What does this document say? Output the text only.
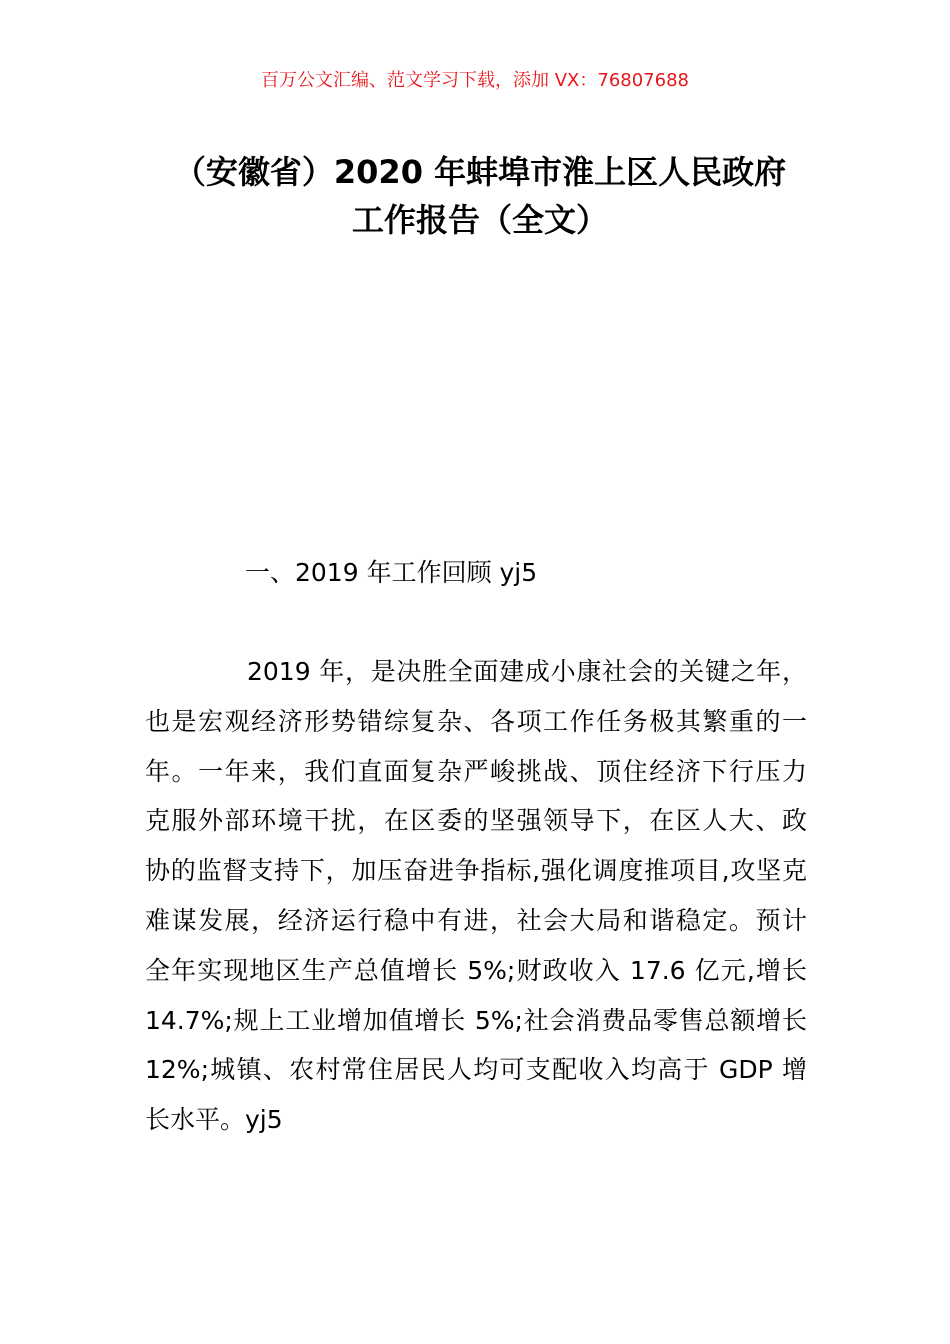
百万公文汇编、范文学习下载，添加 VX：76807688
（安徽省）2020 年蚌埠市淮上区人民政府
工作报告（全文）
一、2019 年工作回顾 yj5
2019 年，是决胜全面建成小康社会的关键之年，
也是宏观经济形势错综复杂、各项工作任务极其繁重的一
年。一年来，我们直面复杂严峻挑战、顶住经济下行压力
克服外部环境干扰，在区委的坚强领导下，在区人大、政
协的监督支持下，加压奋进争指标,强化调度推项目,攻坚克
难谋发展，经济运行稳中有进，社会大局和谐稳定。预计
全年实现地区生产总值增长 5%;财政收入 17.6 亿元,增长
14.7%;规上工业增加值增长 5%;社会消费品零售总额增长
12%;城镇、农村常住居民人均可支配收入均高于 GDP 增
长水平。yj5
